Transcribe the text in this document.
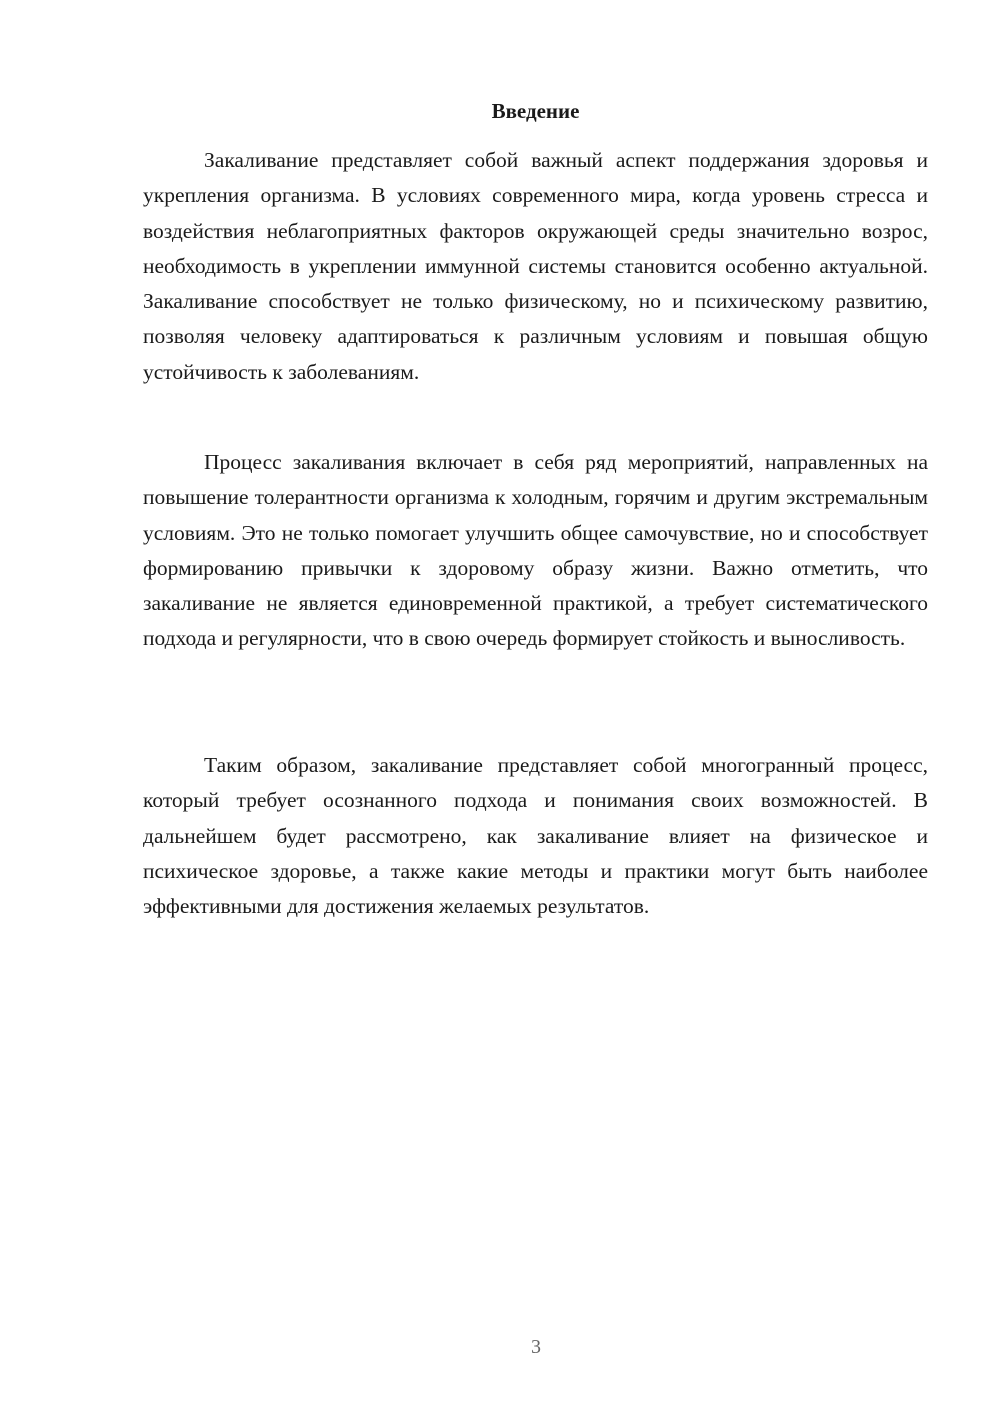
Введение

Закаливание представляет собой важный аспект поддержания здоровья и укрепления организма. В условиях современного мира, когда уровень стресса и воздействия неблагоприятных факторов окружающей среды значительно возрос, необходимость в укреплении иммунной системы становится особенно актуальной. Закаливание способствует не только физическому, но и психическому развитию, позволяя человеку адаптироваться к различным условиям и повышая общую устойчивость к заболеваниям.

Процесс закаливания включает в себя ряд мероприятий, направленных на повышение толерантности организма к холодным, горячим и другим экстремальным условиям. Это не только помогает улучшить общее самочувствие, но и способствует формированию привычки к здоровому образу жизни. Важно отметить, что закаливание не является единовременной практикой, а требует систематического подхода и регулярности, что в свою очередь формирует стойкость и выносливость.

Таким образом, закаливание представляет собой многогранный процесс, который требует осознанного подхода и понимания своих возможностей. В дальнейшем будет рассмотрено, как закаливание влияет на физическое и психическое здоровье, а также какие методы и практики могут быть наиболее эффективными для достижения желаемых результатов.

3
